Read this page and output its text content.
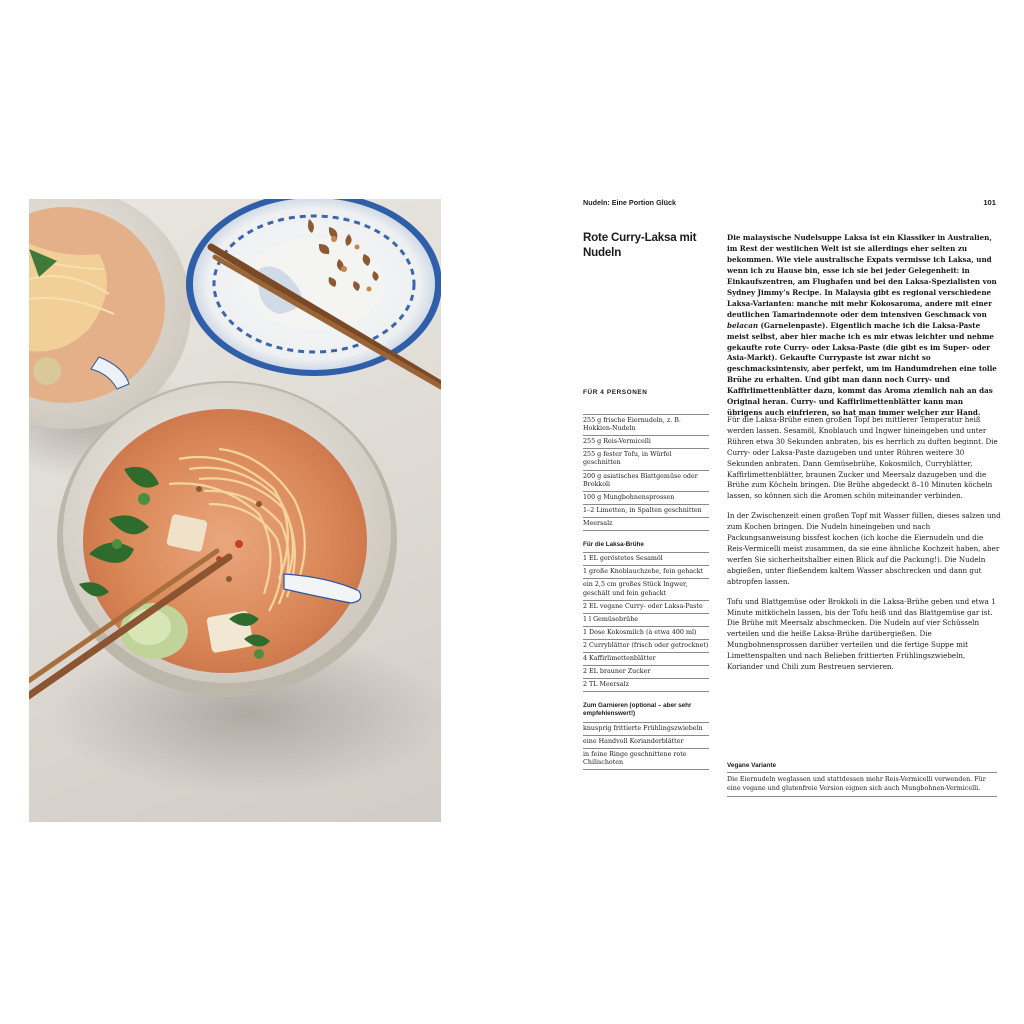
Nudeln: Eine Portion Glück	101
Rote Curry-Laksa mit Nudeln

Die malaysische Nudelsuppe Laksa ist ein Klassiker in Australien, im Rest der westlichen Welt ist sie allerdings eher selten zu bekommen. Wie viele australische Expats vermisse ich Laksa, und wenn ich zu Hause bin, esse ich sie bei jeder Gelegenheit: in Einkaufszentren, am Flughafen und bei den Laksa-Spezialisten von Sydney Jimmy’s Recipe. In Malaysia gibt es regional verschiedene Laksa-Varianten: manche mit mehr Kokosaroma, andere mit einer deutlichen Tamarindennote oder dem intensiven Geschmack von belacan (Garnelenpaste). Eigentlich mache ich die Laksa-Paste meist selbst, aber hier mache ich es mir etwas leichter und nehme gekaufte rote Curry- oder Laksa-Paste (die gibt es im Super- oder Asia-Markt). Gekaufte Currypaste ist zwar nicht so geschmacksintensiv, aber perfekt, um im Handumdrehen eine tolle Brühe zu erhalten. Und gibt man dann noch Curry- und Kaffirlimettenblätter dazu, kommt das Aroma ziemlich nah an das Original heran. Curry- und Kaffirlimettenblätter kann man übrigens auch einfrieren, so hat man immer welcher zur Hand.

FÜR 4 PERSONEN
255 g frische Eiernudeln, z. B. Hokkien-Nudeln
255 g Reis-Vermicelli
255 g fester Tofu, in Würfel geschnitten
200 g asiatisches Blattgemüse oder Brokkoli
100 g Mungbohnensprossen
1–2 Limetten, in Spalten geschnitten
Meersalz
Für die Laksa-Brühe
1 EL geröstetes Sesamöl
1 große Knoblauchzehe, fein gehackt
ein 2,5 cm großes Stück Ingwer, geschält und fein gehackt
2 EL vegane Curry- oder Laksa-Paste
1 l Gemüsebrühe
1 Dose Kokosmilch (à etwa 400 ml)
2 Curryblätter (frisch oder getrocknet)
4 Kaffirlimettenblätter
2 EL brauner Zucker
2 TL Meersalz
Zum Garnieren (optional – aber sehr empfehlenswert!)
knusprig frittierte Frühlingszwiebeln
eine Handvoll Korianderblätter
in feine Ringe geschnittene rote Chilischoten

Für die Laksa-Brühe einen großen Topf bei mittlerer Temperatur heiß werden lassen. Sesamöl, Knoblauch und Ingwer hineingeben und unter Rühren etwa 30 Sekunden anbraten, bis es herrlich zu duften beginnt. Die Curry- oder Laksa-Paste dazugeben und unter Rühren weitere 30 Sekunden anbraten. Dann Gemüsebrühe, Kokosmilch, Curryblätter, Kaffirlimettenblätter, braunen Zucker und Meersalz dazugeben und die Brühe zum Köcheln bringen. Die Brühe abgedeckt 8–10 Minuten köcheln lassen, so können sich die Aromen schön miteinander verbinden.

In der Zwischenzeit einen großen Topf mit Wasser füllen, dieses salzen und zum Kochen bringen. Die Nudeln hineingeben und nach Packungsanweisung bissfest kochen (ich koche die Eiernudeln und die Reis-Vermicelli meist zusammen, da sie eine ähnliche Kochzeit haben, aber werfen Sie sicherheitshalber einen Blick auf die Packung!). Die Nudeln abgießen, unter fließendem kaltem Wasser abschrecken und dann gut abtropfen lassen.

Tofu und Blattgemüse oder Brokkoli in die Laksa-Brühe geben und etwa 1 Minute mitköcheln lassen, bis der Tofu heiß und das Blattgemüse gar ist. Die Brühe mit Meersalz abschmecken. Die Nudeln auf vier Schüsseln verteilen und die heiße Laksa-Brühe darübergießen. Die Mungbohnensprossen darüber verteilen und die fertige Suppe mit Limettenspalten und nach Belieben frittierten Frühlingszwiebeln, Koriander und Chili zum Bestreuen servieren.

Vegane Variante
Die Eiernudeln weglassen und stattdessen mehr Reis-Vermicelli verwenden. Für eine vegane und glutenfreie Version eignen sich auch Mungbohnen-Vermicelli.
